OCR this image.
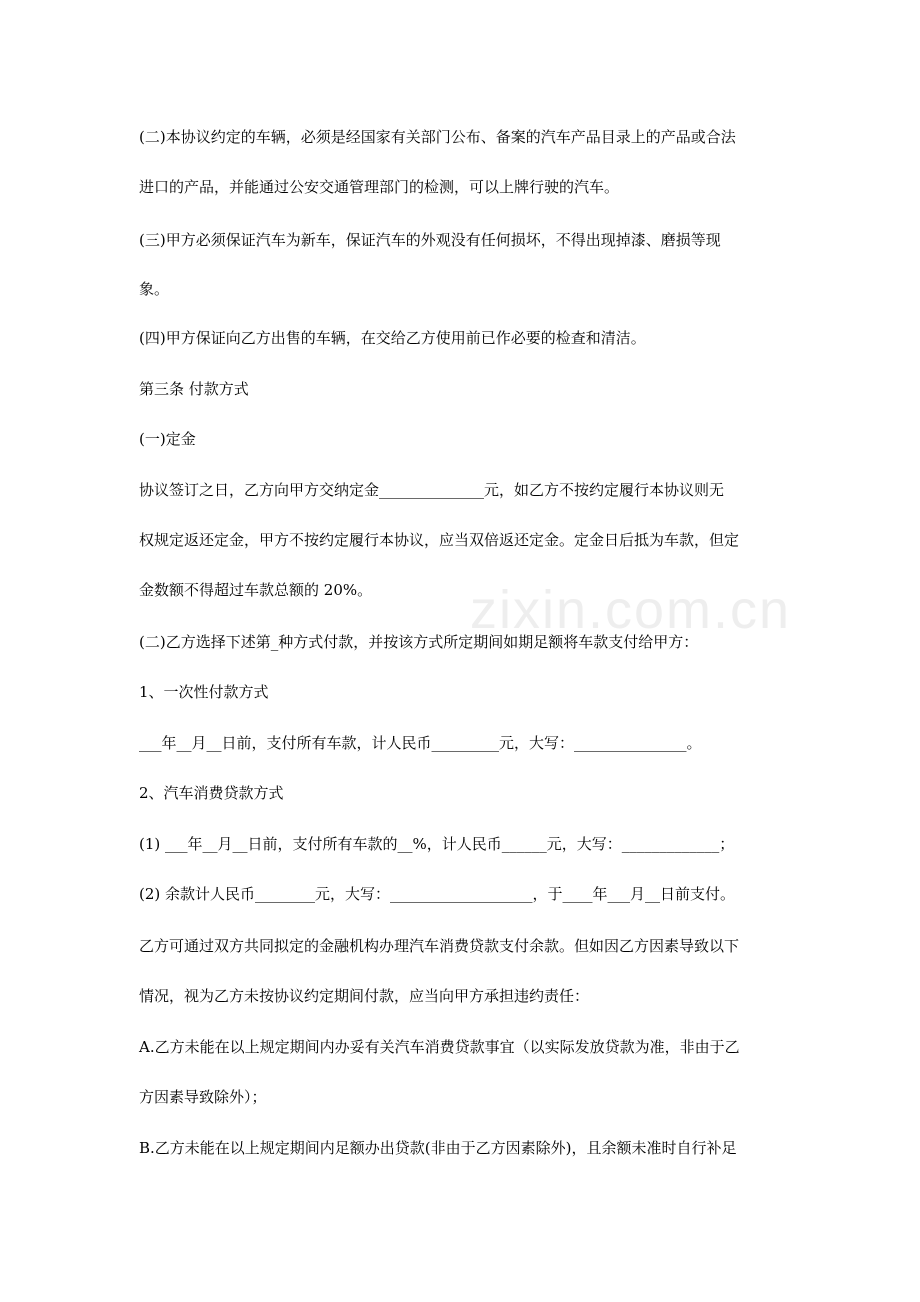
zixin.com.cn
(二)本协议约定的车辆，必须是经国家有关部门公布、备案的汽车产品目录上的产品或合法
进口的产品，并能通过公安交通管理部门的检测，可以上牌行驶的汽车。
(三)甲方必须保证汽车为新车，保证汽车的外观没有任何损坏，不得出现掉漆、磨损等现
象。
(四)甲方保证向乙方出售的车辆，在交给乙方使用前已作必要的检查和清洁。
第三条 付款方式
(一)定金
协议签订之日，乙方向甲方交纳定金______________元，如乙方不按约定履行本协议则无
权规定返还定金，甲方不按约定履行本协议，应当双倍返还定金。定金日后抵为车款，但定
金数额不得超过车款总额的 20%。
(二)乙方选择下述第_种方式付款，并按该方式所定期间如期足额将车款支付给甲方：
1、一次性付款方式
___年__月__日前，支付所有车款，计人民币_________元，大写：_______________。
2、汽车消费贷款方式
(1) ___年__月__日前，支付所有车款的__%，计人民币______元，大写：_____________；
(2) 余款计人民币________元，大写：___________________，于____年___月__日前支付。
乙方可通过双方共同拟定的金融机构办理汽车消费贷款支付余款。但如因乙方因素导致以下
情况，视为乙方未按协议约定期间付款，应当向甲方承担违约责任：
A.乙方未能在以上规定期间内办妥有关汽车消费贷款事宜（以实际发放贷款为准，非由于乙
方因素导致除外）；
B.乙方未能在以上规定期间内足额办出贷款(非由于乙方因素除外)，且余额未准时自行补足
